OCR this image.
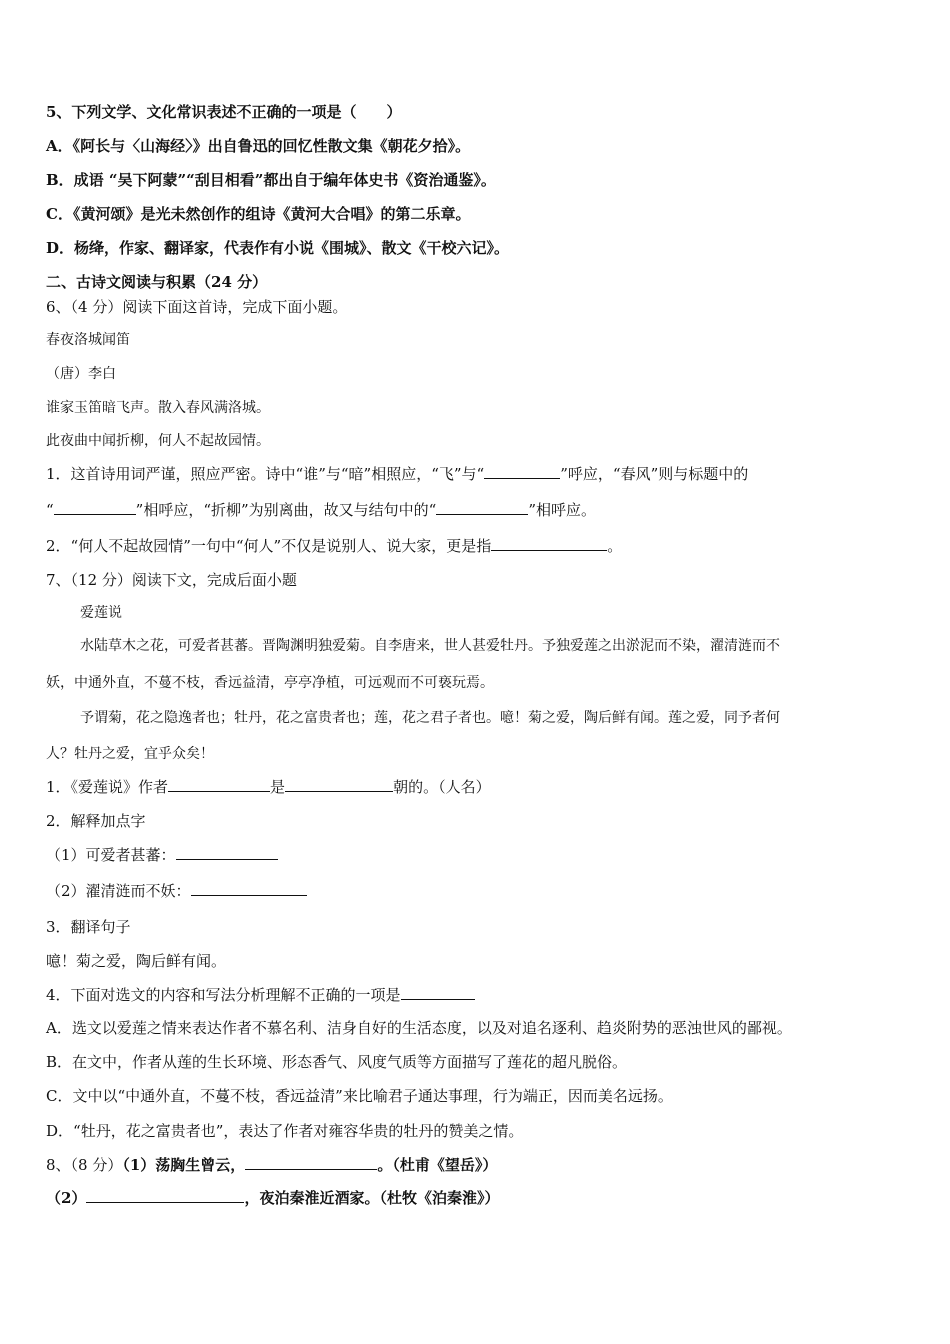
5、下列文学、文化常识表述不正确的一项是（　　）
A．《阿长与〈山海经〉》出自鲁迅的回忆性散文集《朝花夕拾》。
B．成语 “吴下阿蒙”“刮目相看”都出自于编年体史书《资治通鉴》。
C．《黄河颂》是光未然创作的组诗《黄河大合唱》的第二乐章。
D．杨绛，作家、翻译家，代表作有小说《围城》、散文《干校六记》。
二、古诗文阅读与积累（24 分）
6、（4 分）阅读下面这首诗，完成下面小题。
春夜洛城闻笛
（唐）李白
谁家玉笛暗飞声。散入春风满洛城。
此夜曲中闻折柳，何人不起故园情。
1．这首诗用词严谨，照应严密。诗中“谁”与“暗”相照应，“飞”与“	”呼应，“春风”则与标题中的
“	”相呼应，“折柳”为别离曲，故又与结句中的“	”相呼应。
2．“何人不起故园情”一句中“何人”不仅是说别人、说大家，更是指	。
7、（12 分）阅读下文，完成后面小题
爱莲说
水陆草木之花，可爱者甚蕃。晋陶渊明独爱菊。自李唐来，世人甚爱牡丹。予独爱莲之出淤泥而不染，濯清涟而不
妖，中通外直，不蔓不枝，香远益清，亭亭净植，可远观而不可亵玩焉。
予谓菊，花之隐逸者也；牡丹，花之富贵者也；莲，花之君子者也。噫！菊之爱，陶后鲜有闻。莲之爱，同予者何
人？牡丹之爱，宜乎众矣！
1．《爱莲说》作者	是	朝的。（人名）
2．解释加点字
（1）可爱者甚蕃：
（2）濯清涟而不妖：
3．翻译句子
噫！菊之爱，陶后鲜有闻。
4．下面对选文的内容和写法分析理解不正确的一项是
A．选文以爱莲之情来表达作者不慕名利、洁身自好的生活态度，以及对追名逐利、趋炎附势的恶浊世风的鄙视。
B．在文中，作者从莲的生长环境、形态香气、风度气质等方面描写了莲花的超凡脱俗。
C．文中以“中通外直，不蔓不枝，香远益清”来比喻君子通达事理，行为端正，因而美名远扬。
D．“牡丹，花之富贵者也”，表达了作者对雍容华贵的牡丹的赞美之情。
8、（8 分）（1）荡胸生曾云，	。（杜甫《望岳》）
（2）	，夜泊秦淮近酒家。（杜牧《泊秦淮》）
